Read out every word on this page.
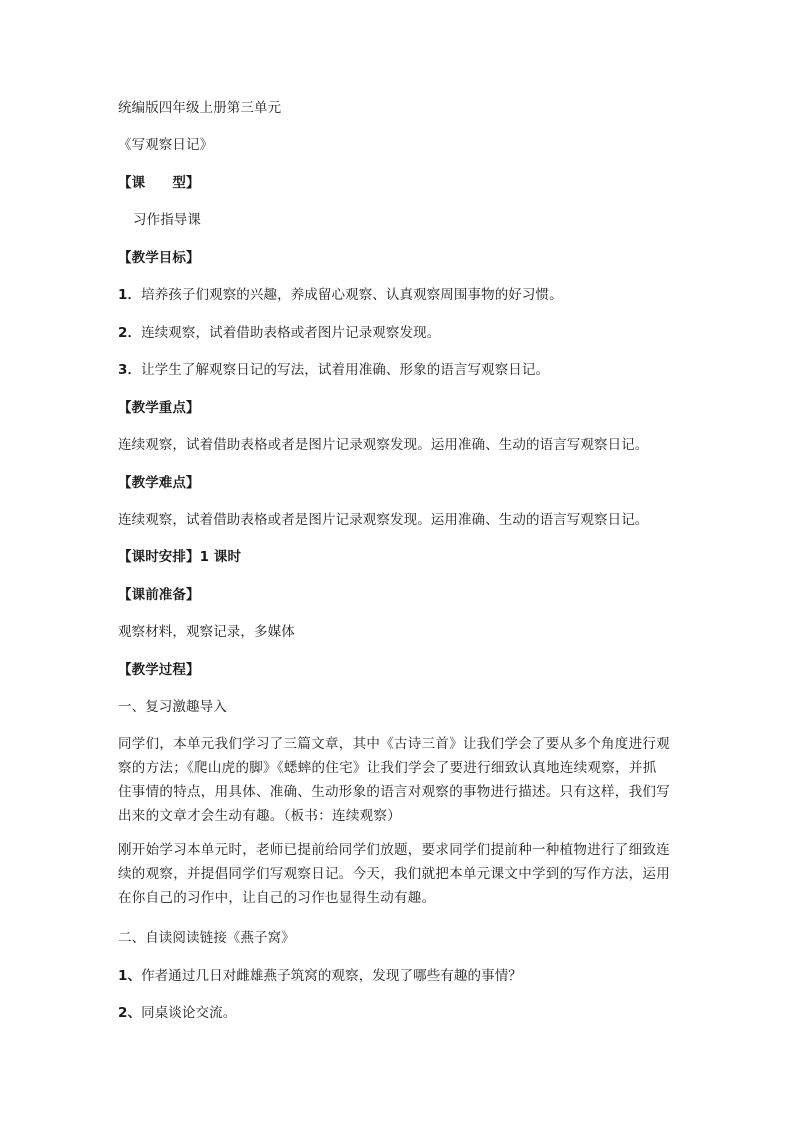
统编版四年级上册第三单元
《写观察日记》
【课　　型】
习作指导课
【教学目标】
1．培养孩子们观察的兴趣，养成留心观察、认真观察周围事物的好习惯。
2．连续观察，试着借助表格或者图片记录观察发现。
3．让学生了解观察日记的写法，试着用准确、形象的语言写观察日记。
【教学重点】
连续观察，试着借助表格或者是图片记录观察发现。运用准确、生动的语言写观察日记。
【教学难点】
连续观察，试着借助表格或者是图片记录观察发现。运用准确、生动的语言写观察日记。
【课时安排】1 课时
【课前准备】
观察材料，观察记录，多媒体
【教学过程】
一、复习激趣导入
同学们，本单元我们学习了三篇文章，其中《古诗三首》让我们学会了要从多个角度进行观
察的方法；《爬山虎的脚》《蟋蟀的住宅》让我们学会了要进行细致认真地连续观察，并抓
住事情的特点，用具体、准确、生动形象的语言对观察的事物进行描述。只有这样，我们写
出来的文章才会生动有趣。（板书：连续观察）
刚开始学习本单元时，老师已提前给同学们放题，要求同学们提前种一种植物进行了细致连
续的观察，并提倡同学们写观察日记。今天，我们就把本单元课文中学到的写作方法，运用
在你自己的习作中，让自己的习作也显得生动有趣。
二、自读阅读链接《燕子窝》
1、作者通过几日对雌雄燕子筑窝的观察，发现了哪些有趣的事情？
2、同桌谈论交流。
